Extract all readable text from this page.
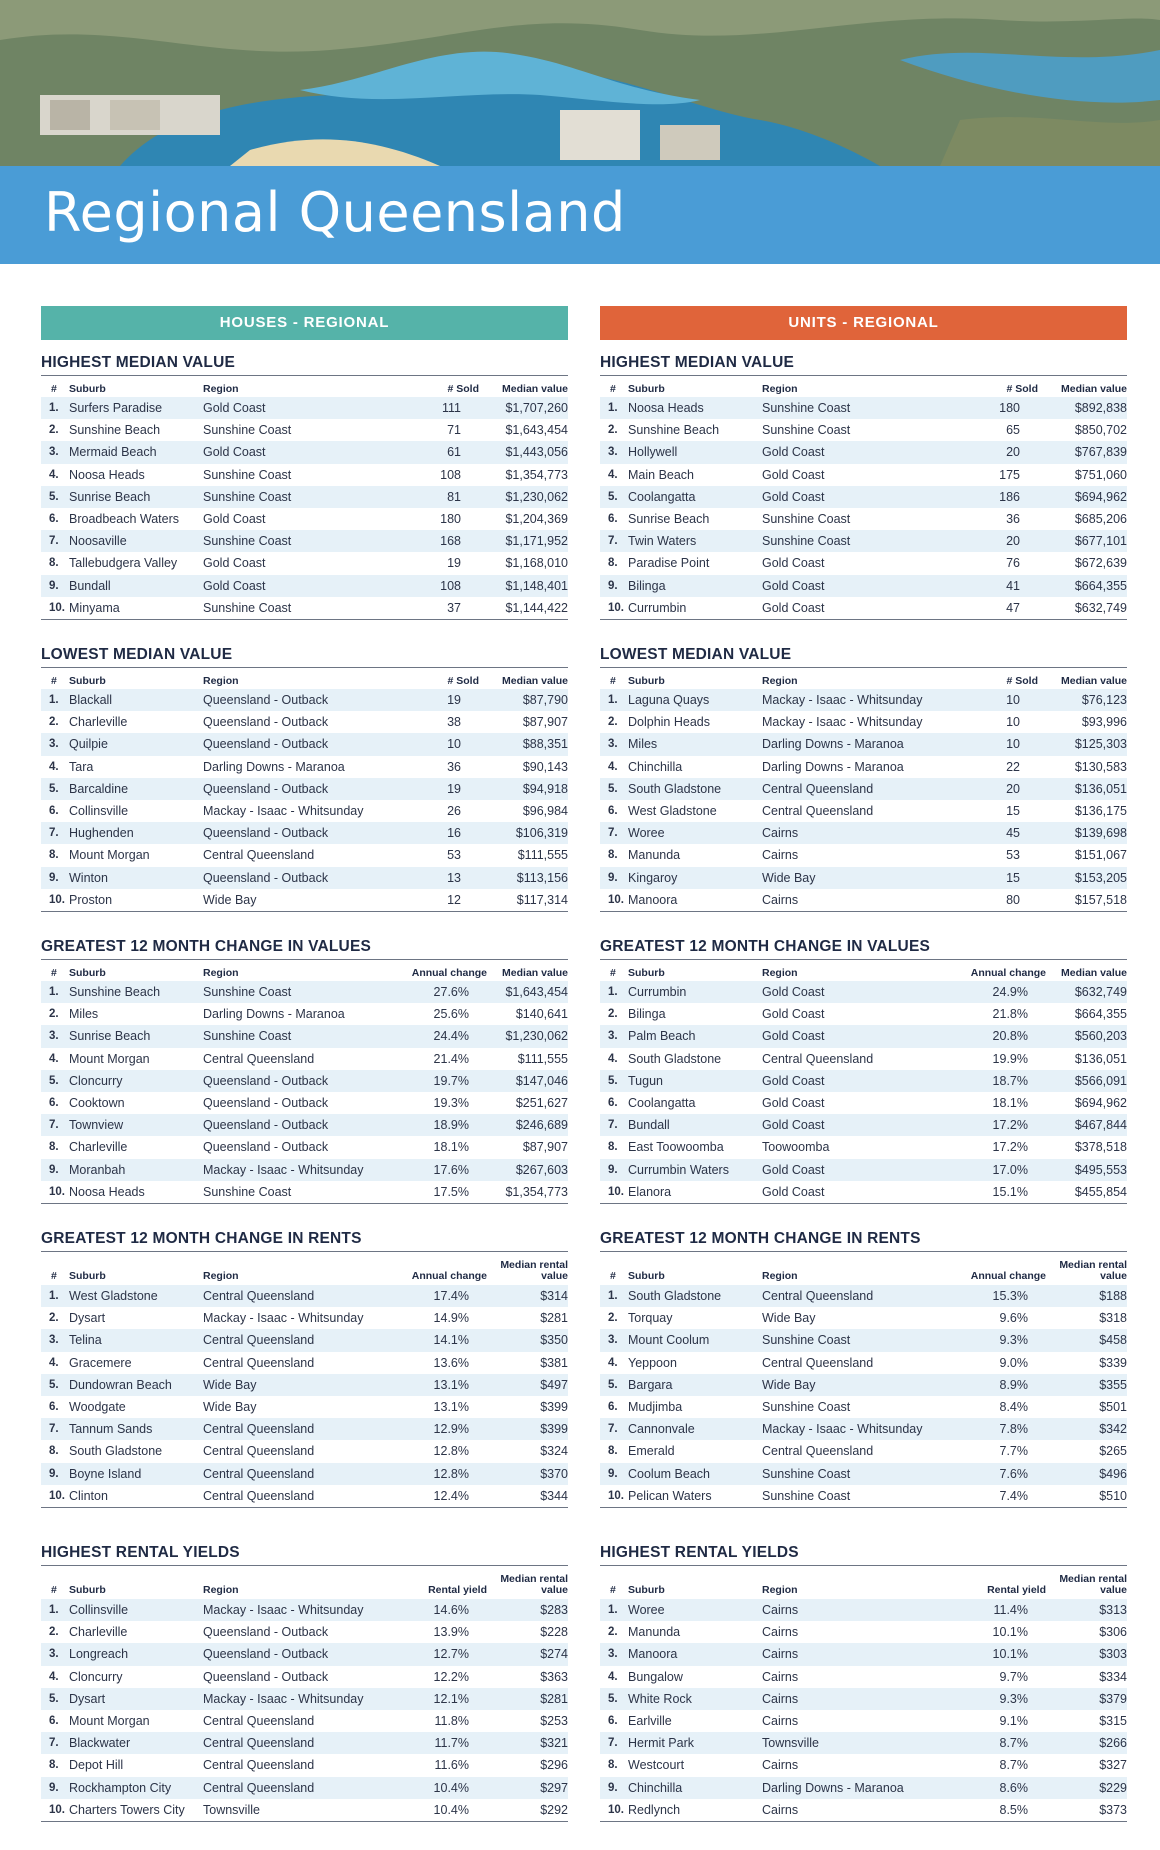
Regional Queensland
HOUSES - REGIONAL
HIGHEST MEDIAN VALUE
#	Suburb	Region	# Sold	Median value
1.	Surfers Paradise	Gold Coast	111	$1,707,260
2.	Sunshine Beach	Sunshine Coast	71	$1,643,454
3.	Mermaid Beach	Gold Coast	61	$1,443,056
4.	Noosa Heads	Sunshine Coast	108	$1,354,773
5.	Sunrise Beach	Sunshine Coast	81	$1,230,062
6.	Broadbeach Waters	Gold Coast	180	$1,204,369
7.	Noosaville	Sunshine Coast	168	$1,171,952
8.	Tallebudgera Valley	Gold Coast	19	$1,168,010
9.	Bundall	Gold Coast	108	$1,148,401
10.	Minyama	Sunshine Coast	37	$1,144,422
LOWEST MEDIAN VALUE
#	Suburb	Region	# Sold	Median value
1.	Blackall	Queensland - Outback	19	$87,790
2.	Charleville	Queensland - Outback	38	$87,907
3.	Quilpie	Queensland - Outback	10	$88,351
4.	Tara	Darling Downs - Maranoa	36	$90,143
5.	Barcaldine	Queensland - Outback	19	$94,918
6.	Collinsville	Mackay - Isaac - Whitsunday	26	$96,984
7.	Hughenden	Queensland - Outback	16	$106,319
8.	Mount Morgan	Central Queensland	53	$111,555
9.	Winton	Queensland - Outback	13	$113,156
10.	Proston	Wide Bay	12	$117,314
GREATEST 12 MONTH CHANGE IN VALUES
#	Suburb	Region	Annual change	Median value
1.	Sunshine Beach	Sunshine Coast	27.6%	$1,643,454
2.	Miles	Darling Downs - Maranoa	25.6%	$140,641
3.	Sunrise Beach	Sunshine Coast	24.4%	$1,230,062
4.	Mount Morgan	Central Queensland	21.4%	$111,555
5.	Cloncurry	Queensland - Outback	19.7%	$147,046
6.	Cooktown	Queensland - Outback	19.3%	$251,627
7.	Townview	Queensland - Outback	18.9%	$246,689
8.	Charleville	Queensland - Outback	18.1%	$87,907
9.	Moranbah	Mackay - Isaac - Whitsunday	17.6%	$267,603
10.	Noosa Heads	Sunshine Coast	17.5%	$1,354,773
GREATEST 12 MONTH CHANGE IN RENTS
#	Suburb	Region	Annual change	Median rental value
1.	West Gladstone	Central Queensland	17.4%	$314
2.	Dysart	Mackay - Isaac - Whitsunday	14.9%	$281
3.	Telina	Central Queensland	14.1%	$350
4.	Gracemere	Central Queensland	13.6%	$381
5.	Dundowran Beach	Wide Bay	13.1%	$497
6.	Woodgate	Wide Bay	13.1%	$399
7.	Tannum Sands	Central Queensland	12.9%	$399
8.	South Gladstone	Central Queensland	12.8%	$324
9.	Boyne Island	Central Queensland	12.8%	$370
10.	Clinton	Central Queensland	12.4%	$344
HIGHEST RENTAL YIELDS
#	Suburb	Region	Rental yield	Median rental value
1.	Collinsville	Mackay - Isaac - Whitsunday	14.6%	$283
2.	Charleville	Queensland - Outback	13.9%	$228
3.	Longreach	Queensland - Outback	12.7%	$274
4.	Cloncurry	Queensland - Outback	12.2%	$363
5.	Dysart	Mackay - Isaac - Whitsunday	12.1%	$281
6.	Mount Morgan	Central Queensland	11.8%	$253
7.	Blackwater	Central Queensland	11.7%	$321
8.	Depot Hill	Central Queensland	11.6%	$296
9.	Rockhampton City	Central Queensland	10.4%	$297
10.	Charters Towers City	Townsville	10.4%	$292
UNITS - REGIONAL
HIGHEST MEDIAN VALUE
#	Suburb	Region	# Sold	Median value
1.	Noosa Heads	Sunshine Coast	180	$892,838
2.	Sunshine Beach	Sunshine Coast	65	$850,702
3.	Hollywell	Gold Coast	20	$767,839
4.	Main Beach	Gold Coast	175	$751,060
5.	Coolangatta	Gold Coast	186	$694,962
6.	Sunrise Beach	Sunshine Coast	36	$685,206
7.	Twin Waters	Sunshine Coast	20	$677,101
8.	Paradise Point	Gold Coast	76	$672,639
9.	Bilinga	Gold Coast	41	$664,355
10.	Currumbin	Gold Coast	47	$632,749
LOWEST MEDIAN VALUE
#	Suburb	Region	# Sold	Median value
1.	Laguna Quays	Mackay - Isaac - Whitsunday	10	$76,123
2.	Dolphin Heads	Mackay - Isaac - Whitsunday	10	$93,996
3.	Miles	Darling Downs - Maranoa	10	$125,303
4.	Chinchilla	Darling Downs - Maranoa	22	$130,583
5.	South Gladstone	Central Queensland	20	$136,051
6.	West Gladstone	Central Queensland	15	$136,175
7.	Woree	Cairns	45	$139,698
8.	Manunda	Cairns	53	$151,067
9.	Kingaroy	Wide Bay	15	$153,205
10.	Manoora	Cairns	80	$157,518
GREATEST 12 MONTH CHANGE IN VALUES
#	Suburb	Region	Annual change	Median value
1.	Currumbin	Gold Coast	24.9%	$632,749
2.	Bilinga	Gold Coast	21.8%	$664,355
3.	Palm Beach	Gold Coast	20.8%	$560,203
4.	South Gladstone	Central Queensland	19.9%	$136,051
5.	Tugun	Gold Coast	18.7%	$566,091
6.	Coolangatta	Gold Coast	18.1%	$694,962
7.	Bundall	Gold Coast	17.2%	$467,844
8.	East Toowoomba	Toowoomba	17.2%	$378,518
9.	Currumbin Waters	Gold Coast	17.0%	$495,553
10.	Elanora	Gold Coast	15.1%	$455,854
GREATEST 12 MONTH CHANGE IN RENTS
#	Suburb	Region	Annual change	Median rental value
1.	South Gladstone	Central Queensland	15.3%	$188
2.	Torquay	Wide Bay	9.6%	$318
3.	Mount Coolum	Sunshine Coast	9.3%	$458
4.	Yeppoon	Central Queensland	9.0%	$339
5.	Bargara	Wide Bay	8.9%	$355
6.	Mudjimba	Sunshine Coast	8.4%	$501
7.	Cannonvale	Mackay - Isaac - Whitsunday	7.8%	$342
8.	Emerald	Central Queensland	7.7%	$265
9.	Coolum Beach	Sunshine Coast	7.6%	$496
10.	Pelican Waters	Sunshine Coast	7.4%	$510
HIGHEST RENTAL YIELDS
#	Suburb	Region	Rental yield	Median rental value
1.	Woree	Cairns	11.4%	$313
2.	Manunda	Cairns	10.1%	$306
3.	Manoora	Cairns	10.1%	$303
4.	Bungalow	Cairns	9.7%	$334
5.	White Rock	Cairns	9.3%	$379
6.	Earlville	Cairns	9.1%	$315
7.	Hermit Park	Townsville	8.7%	$266
8.	Westcourt	Cairns	8.7%	$327
9.	Chinchilla	Darling Downs - Maranoa	8.6%	$229
10.	Redlynch	Cairns	8.5%	$373
